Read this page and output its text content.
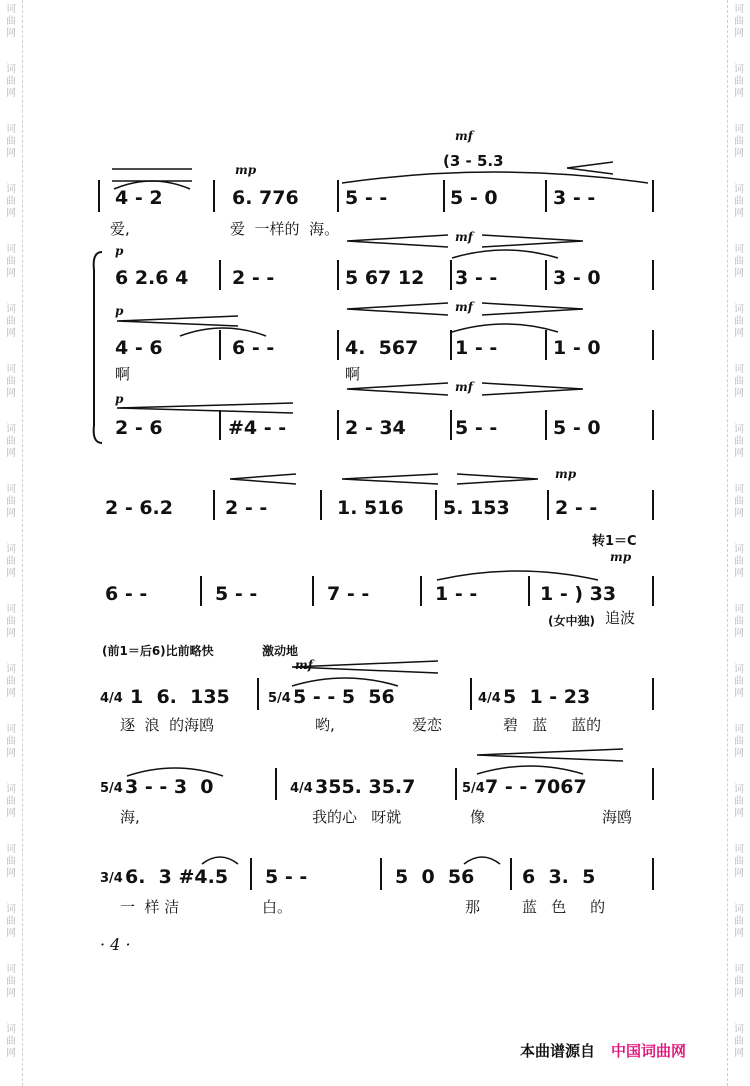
词
曲
网
词
曲
网
词
曲
网
词
曲
网
词
曲
网
词
曲
网
词
曲
网
词
曲
网
词
曲
网
词
曲
网
词
曲
网
词
曲
网
词
曲
网
词
曲
网
词
曲
网
词
曲
网
词
曲
网
词
曲
网
词
曲
网
词
曲
网
词
曲
网
词
曲
网
词
曲
网
词
曲
网
词
曲
网
词
曲
网
词
曲
网
词
曲
网
词
曲
网
词
曲
网
词
曲
网
词
曲
网
词
曲
网
词
曲
网
词
曲
网
词
曲
网
mp
mf
(3 - 5.3
4 - 2	6. 776 5 - -	5 - 0	3 - -
爱,	爱  一样的  海。
p
mf
6 2.6 4 2 - -	5 67 12 3 - -	3 - 0
p	mf
4 - 6	6 - -	4.  567 1 - -	1 - 0
啊	啊
p
mf
2 - 6	#4 - -	2 - 34	5 - -	5 - 0
mp
2 - 6.2	2 - -	1. 516 5. 153 2 - -
转1＝C
mp
6 - -	5 - -	7 - -	1 - -	1 - ) 33
(女中独) 追波
(前1＝后6)比前略快	激动地
mf
4/4 1  6.  135	5/4 5 - - 5  56	4/4 5  1 - 23
逐  浪  的海鸥	哟,	爱恋	碧   蓝     蓝的
5/4 3 - - 3  0	4/4 355. 35.7	5/4 7 - - 7067
海,	我的心   呀就	像	海鸥
3/4 6.  3 #4.5 5 - -	5  0  56	6  3.  5
一  样 洁	白。	那	蓝   色     的
· 4 ·
本曲谱源自 中国词曲网
